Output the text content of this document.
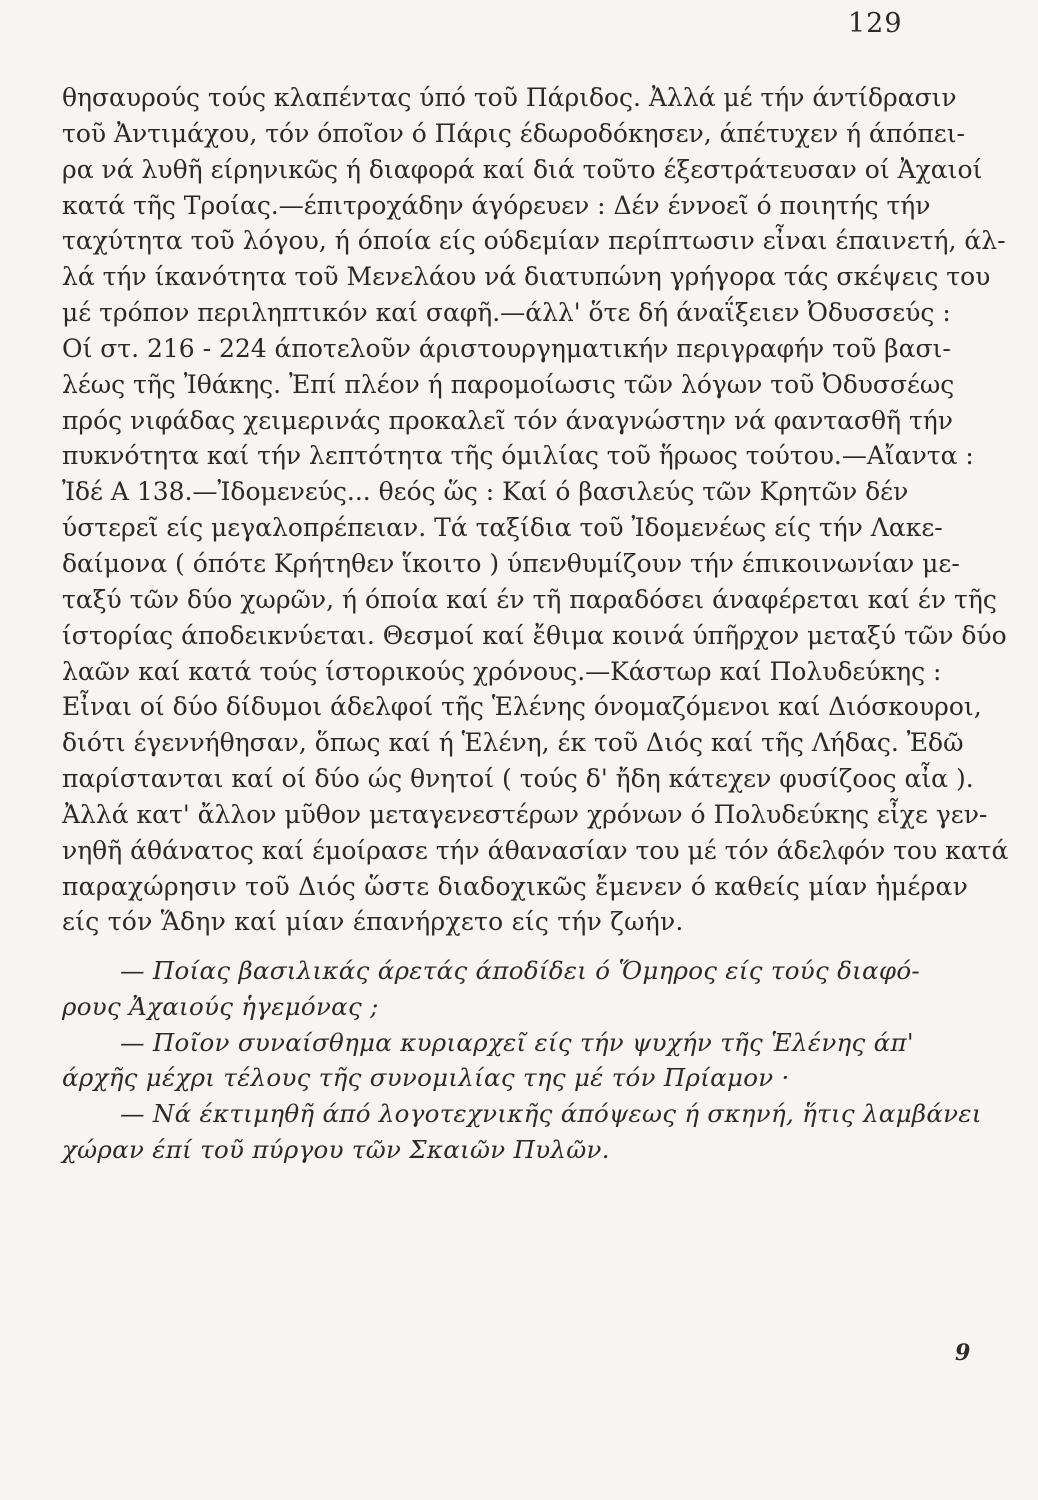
129
θησαυρούς τούς κλαπέντας ύπό τοῦ Πάριδος. Ἀλλά μέ τήν άντίδρασιν
τοῦ Ἀντιμάχου, τόν όποῖον ό Πάρις έδωροδόκησεν, άπέτυχεν ή άπόπει-
ρα νά λυθῆ είρηνικῶς ή διαφορά καί διά τοῦτο έξεστράτευσαν οί Ἀχαιοί
κατά τῆς Τροίας.—έπιτροχάδην άγόρευεν : Δέν έννοεῖ ό ποιητής τήν
ταχύτητα τοῦ λόγου, ή όποία είς ούδεμίαν περίπτωσιν εἶναι έπαινετή, άλ-
λά τήν ίκανότητα τοῦ Μενελάου νά διατυπώνη γρήγορα τάς σκέψεις του
μέ τρόπον περιληπτικόν καί σαφῆ.—άλλ' ὅτε δή άναΐξειεν Ὀδυσσεύς :
Οί στ. 216 - 224 άποτελοῦν άριστουργηματικήν περιγραφήν τοῦ βασι-
λέως τῆς Ἰθάκης. Ἐπί πλέον ή παρομοίωσις τῶν λόγων τοῦ Ὀδυσσέως
πρός νιφάδας χειμερινάς προκαλεῖ τόν άναγνώστην νά φαντασθῆ τήν
πυκνότητα καί τήν λεπτότητα τῆς όμιλίας τοῦ ἥρωος τούτου.—Αἴαντα :
Ἰδέ Α 138.—Ἰδομενεύς... θεός ὥς : Καί ό βασιλεύς τῶν Κρητῶν δέν
ύστερεῖ είς μεγαλοπρέπειαν. Τά ταξίδια τοῦ Ἰδομενέως είς τήν Λακε-
δαίμονα ( όπότε Κρήτηθεν ἵκοιτο ) ύπενθυμίζουν τήν έπικοινωνίαν με-
ταξύ τῶν δύο χωρῶν, ή όποία καί έν τῆ παραδόσει άναφέρεται καί έν τῆς
ίστορίας άποδεικνύεται. Θεσμοί καί ἔθιμα κοινά ύπῆρχον μεταξύ τῶν δύο
λαῶν καί κατά τούς ίστορικούς χρόνους.—Κάστωρ καί Πολυδεύκης :
Εἶναι οί δύο δίδυμοι άδελφοί τῆς Ἑλένης όνομαζόμενοι καί Διόσκουροι,
διότι έγεννήθησαν, ὅπως καί ή Ἑλένη, έκ τοῦ Διός καί τῆς Λήδας. Ἐδῶ
παρίστανται καί οί δύο ώς θνητοί ( τούς δ' ἤδη κάτεχεν φυσίζοος αἶα ).
Ἀλλά κατ' ἄλλον μῦθον μεταγενεστέρων χρόνων ό Πολυδεύκης εἶχε γεν-
νηθῆ άθάνατος καί έμοίρασε τήν άθανασίαν του μέ τόν άδελφόν του κατά
παραχώρησιν τοῦ Διός ὥστε διαδοχικῶς ἔμενεν ό καθείς μίαν ἡμέραν
είς τόν Ἅδην καί μίαν έπανήρχετο είς τήν ζωήν.
— Ποίας βασιλικάς άρετάς άποδίδει ό Ὅμηρος είς τούς διαφό-
ρους Ἀχαιούς ἡγεμόνας ;
— Ποῖον συναίσθημα κυριαρχεῖ είς τήν ψυχήν τῆς Ἑλένης άπ'
άρχῆς μέχρι τέλους τῆς συνομιλίας της μέ τόν Πρίαμον ·
— Νά έκτιμηθῆ άπό λογοτεχνικῆς άπόψεως ή σκηνή, ἥτις λαμβάνει
χώραν έπί τοῦ πύργου τῶν Σκαιῶν Πυλῶν.
9
